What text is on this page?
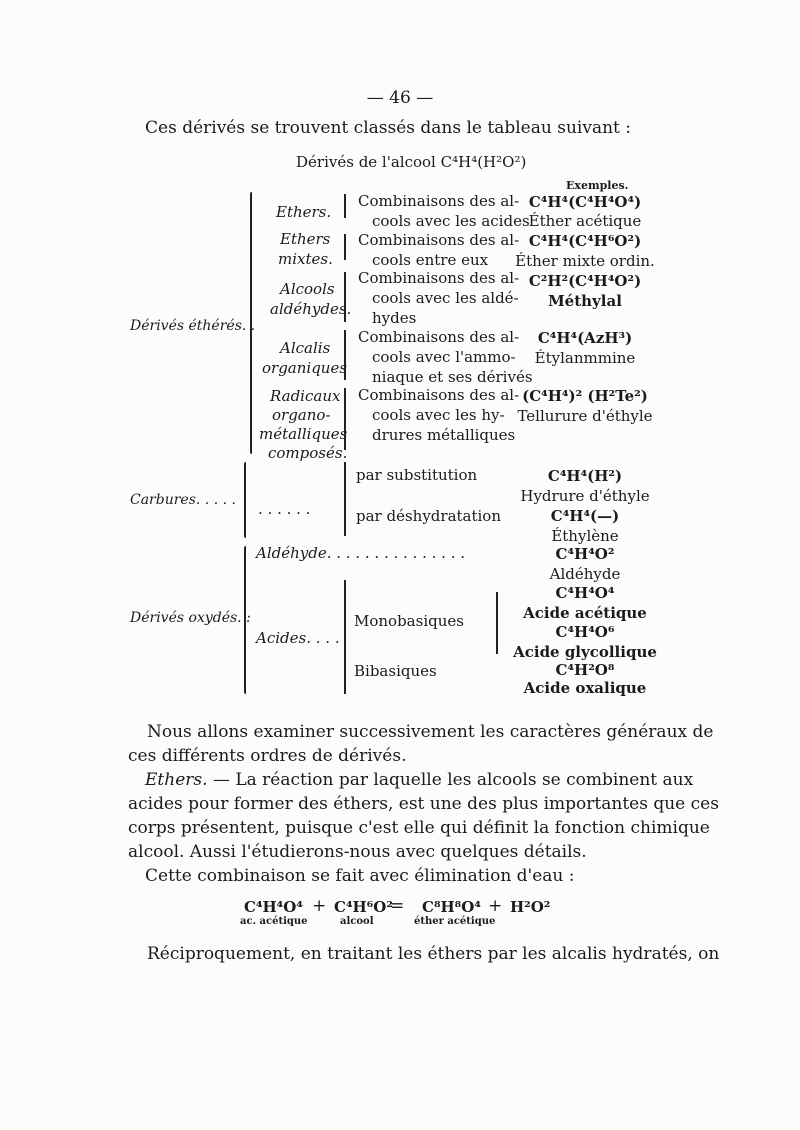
— 46 —
Ces dérivés se trouvent classés dans le tableau suivant :
Dérivés de l'alcool C⁴H⁴(H²O²)
Exemples.
Dérivés éthérés. .
Carbures. . . . .
Dérivés oxydés. :
Ethers.
Ethers
mixtes.
Alcools
aldéhydes.
Alcalis
organiques
Radicaux
organo-
métalliques
composés.
. . . . . .
Aldéhyde. . . . . . . . . . . . . . .
Acides. . . .
Combinaisons des al-
cools avec les acides
Combinaisons des al-
cools entre eux
Combinaisons des al-
cools avec les aldé-
hydes
Combinaisons des al-
cools avec l'ammo-
niaque et ses dérivés
Combinaisons des al-
cools avec les hy-
drures métalliques
par substitution
par déshydratation
Monobasiques
Bibasiques
C⁴H⁴(C⁴H⁴O⁴)
Éther acétique
C⁴H⁴(C⁴H⁶O²)
Éther mixte ordin.
C²H²(C⁴H⁴O²)
Méthylal
C⁴H⁴(AzH³)
Étylanmmine
(C⁴H⁴)² (H²Te²)
Tellurure d'éthyle
C⁴H⁴(H²)
Hydrure d'éthyle
C⁴H⁴(—)
Éthylène
C⁴H⁴O²
Aldéhyde
C⁴H⁴O⁴
Acide acétique
C⁴H⁴O⁶
Acide glycollique
C⁴H²O⁸
Acide oxalique
Nous allons examiner successivement les caractères généraux de
ces différents ordres de dérivés.
Ethers. — La réaction par laquelle les alcools se combinent aux
acides pour former des éthers, est une des plus importantes que ces
corps présentent, puisque c'est elle qui définit la fonction chimique
alcool. Aussi l'étudierons-nous avec quelques détails.
Cette combinaison se fait avec élimination d'eau :
C⁴H⁴O⁴ + C⁴H⁶O²
= C⁸H⁸O⁴ + H²O²
ac. acétique	alcool	éther acétique
Réciproquement, en traitant les éthers par les alcalis hydratés, on
